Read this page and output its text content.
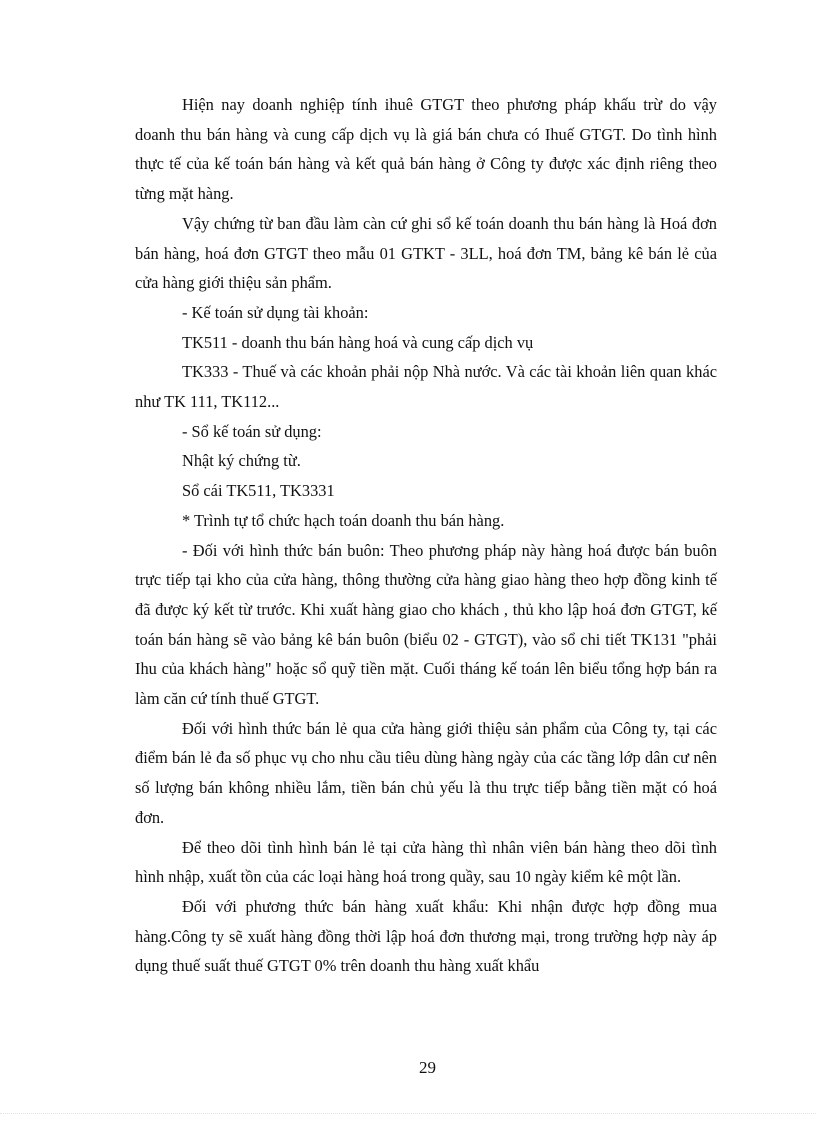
Hiện nay doanh nghiệp tính ihuê GTGT theo phương pháp khấu trừ do vậy doanh thu bán hàng và cung cấp dịch vụ là giá bán chưa có Ihuế GTGT. Do tình hình thực tế của kế toán bán hàng và kết quả bán hàng ở Công ty được xác định riêng theo từng mặt hàng.

Vậy chứng từ ban đầu làm càn cứ ghi sổ kế toán doanh thu bán hàng là Hoá đơn bán hàng, hoá đơn GTGT theo mẫu 01 GTKT - 3LL, hoá đơn TM, bảng kê bán lẻ của cửa hàng giới thiệu sản phẩm.

- Kế toán sử dụng tài khoản:

TK511 - doanh thu bán hàng hoá và cung cấp dịch vụ

TK333 - Thuế và các khoản phải nộp Nhà nước. Và các tài khoản liên quan khác như TK 111, TK112...

- Sổ kế toán sử dụng:

Nhật ký chứng từ.

Sổ cái TK511, TK3331

* Trình tự tổ chức hạch toán doanh thu bán hàng.

- Đối với hình thức bán buôn: Theo phương pháp này hàng hoá được bán buôn trực tiếp tại kho của cửa hàng, thông thường cửa hàng giao hàng theo hợp đồng kinh tế đã được ký kết từ trước. Khi xuất hàng giao cho khách , thủ kho lập hoá đơn GTGT, kế toán bán hàng sẽ vào bảng kê bán buôn (biểu 02 - GTGT), vào sổ chi tiết TK131 "phải Ihu của khách hàng" hoặc sổ quỹ tiền mặt. Cuối tháng kế toán lên biểu tổng hợp bán ra làm căn cứ tính thuế GTGT.

Đối với hình thức bán lẻ qua cửa hàng giới thiệu sản phẩm của Công ty, tại các điểm bán lẻ đa số phục vụ cho nhu cầu tiêu dùng hàng ngày của các tầng lớp dân cư nên số lượng bán không nhiều lắm, tiền bán chủ yếu là thu trực tiếp bằng tiền mặt có hoá đơn.

Để theo dõi tình hình bán lẻ tại cửa hàng thì nhân viên bán hàng theo dõi tình hình nhập, xuất tồn của các loại hàng hoá trong quầy, sau 10 ngày kiểm kê một lần.

Đối với phương thức bán hàng xuất khẩu: Khi nhận được hợp đồng mua hàng.Công ty sẽ xuất hàng đồng thời lập hoá đơn thương mại, trong trường hợp này áp dụng thuế suất thuế GTGT 0% trên doanh thu hàng xuất khẩu

29
